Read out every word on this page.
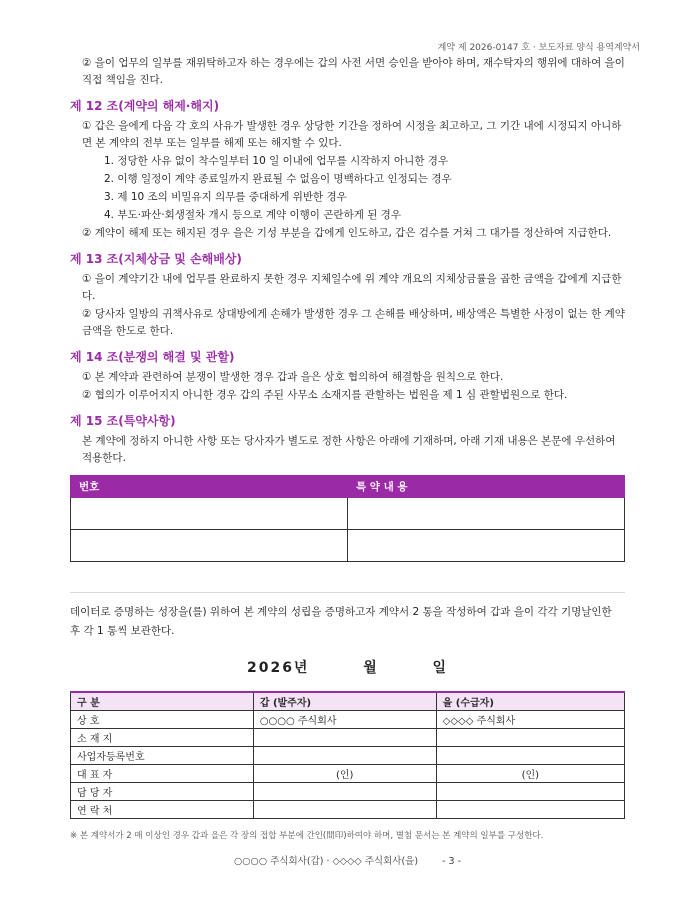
계약 제 2026-0147 호 · 보도자료 양식 용역계약서

② 을이 업무의 일부를 재위탁하고자 하는 경우에는 갑의 사전 서면 승인을 받아야 하며, 재수탁자의 행위에 대하여 을이 직접 책임을 진다.

제 12 조(계약의 해제·해지)

① 갑은 을에게 다음 각 호의 사유가 발생한 경우 상당한 기간을 정하여 시정을 최고하고, 그 기간 내에 시정되지 아니하면 본 계약의 전부 또는 일부를 해제 또는 해지할 수 있다.

1. 정당한 사유 없이 착수일부터 10 일 이내에 업무를 시작하지 아니한 경우

2. 이행 일정이 계약 종료일까지 완료될 수 없음이 명백하다고 인정되는 경우

3. 제 10 조의 비밀유지 의무를 중대하게 위반한 경우

4. 부도·파산·회생절차 개시 등으로 계약 이행이 곤란하게 된 경우

② 계약이 해제 또는 해지된 경우 을은 기성 부분을 갑에게 인도하고, 갑은 검수를 거쳐 그 대가를 정산하여 지급한다.

제 13 조(지체상금 및 손해배상)

① 을이 계약기간 내에 업무를 완료하지 못한 경우 지체일수에 위 계약 개요의 지체상금률을 곱한 금액을 갑에게 지급한다.

② 당사자 일방의 귀책사유로 상대방에게 손해가 발생한 경우 그 손해를 배상하며, 배상액은 특별한 사정이 없는 한 계약금액을 한도로 한다.

제 14 조(분쟁의 해결 및 관할)

① 본 계약과 관련하여 분쟁이 발생한 경우 갑과 을은 상호 협의하여 해결함을 원칙으로 한다.

② 협의가 이루어지지 아니한 경우 갑의 주된 사무소 소재지를 관할하는 법원을 제 1 심 관할법원으로 한다.

제 15 조(특약사항)

본 계약에 정하지 아니한 사항 또는 당사자가 별도로 정한 사항은 아래에 기재하며, 아래 기재 내용은 본문에 우선하여 적용한다.

번호	특 약 내 용

데이터로 증명하는 성장을(를) 위하여 본 계약의 성립을 증명하고자 계약서 2 통을 작성하여 갑과 을이 각각 기명날인한 후 각 1 통씩 보관한다.

2026년	월	일
구 분	갑 (발주자)	을 (수급자)
상 호	○○○○ 주식회사	◇◇◇◇ 주식회사
소 재 지		
사업자등록번호		
대 표 자	(인)	(인)
담 당 자		
연 락 처		
※ 본 계약서가 2 매 이상인 경우 갑과 을은 각 장의 접합 부분에 간인(間印)하여야 하며, 별첨 문서는 본 계약의 일부를 구성한다.
○○○○ 주식회사(갑) · ◇◇◇◇ 주식회사(을)	- 3 -
